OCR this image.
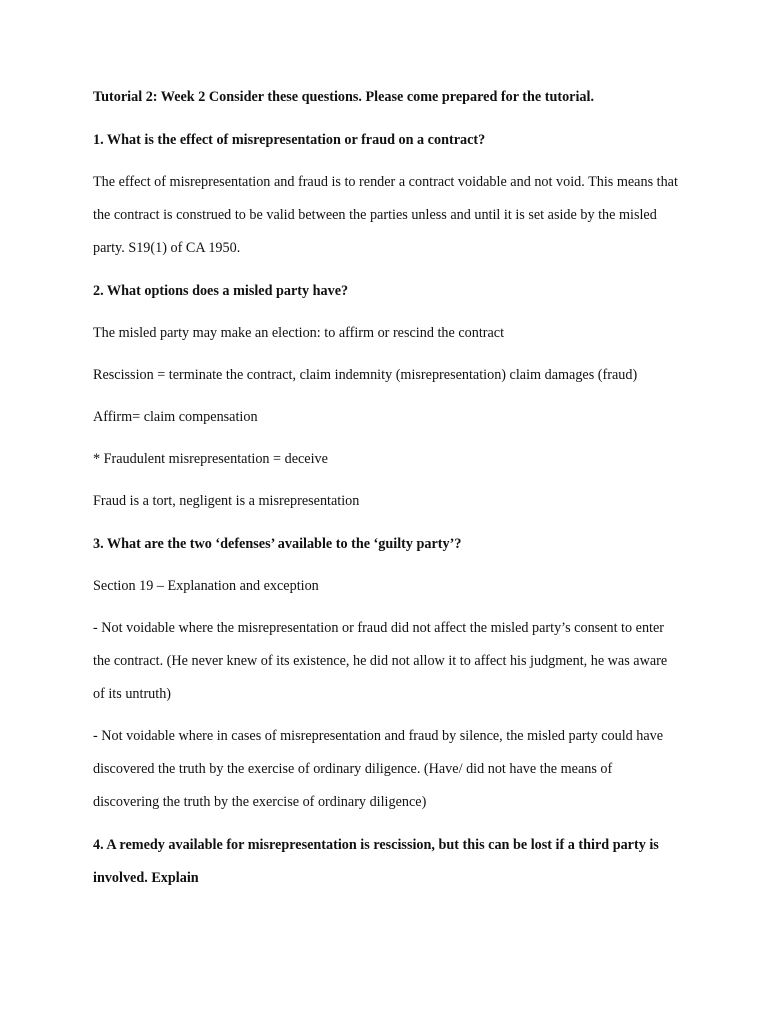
Tutorial 2: Week 2 Consider these questions. Please come prepared for the tutorial.
1. What is the effect of misrepresentation or fraud on a contract?
The effect of misrepresentation and fraud is to render a contract voidable and not void. This means that the contract is construed to be valid between the parties unless and until it is set aside by the misled party. S19(1) of CA 1950.
2. What options does a misled party have?
The misled party may make an election: to affirm or rescind the contract
Rescission = terminate the contract, claim indemnity (misrepresentation) claim damages (fraud)
Affirm= claim compensation
* Fraudulent misrepresentation = deceive
Fraud is a tort, negligent is a misrepresentation
3. What are the two ‘defenses’ available to the ‘guilty party’?
Section 19 – Explanation and exception
- Not voidable where the misrepresentation or fraud did not affect the misled party’s consent to enter the contract. (He never knew of its existence, he did not allow it to affect his judgment, he was aware of its untruth)
- Not voidable where in cases of misrepresentation and fraud by silence, the misled party could have discovered the truth by the exercise of ordinary diligence. (Have/ did not have the means of discovering the truth by the exercise of ordinary diligence)
4. A remedy available for misrepresentation is rescission, but this can be lost if a third party is involved. Explain
